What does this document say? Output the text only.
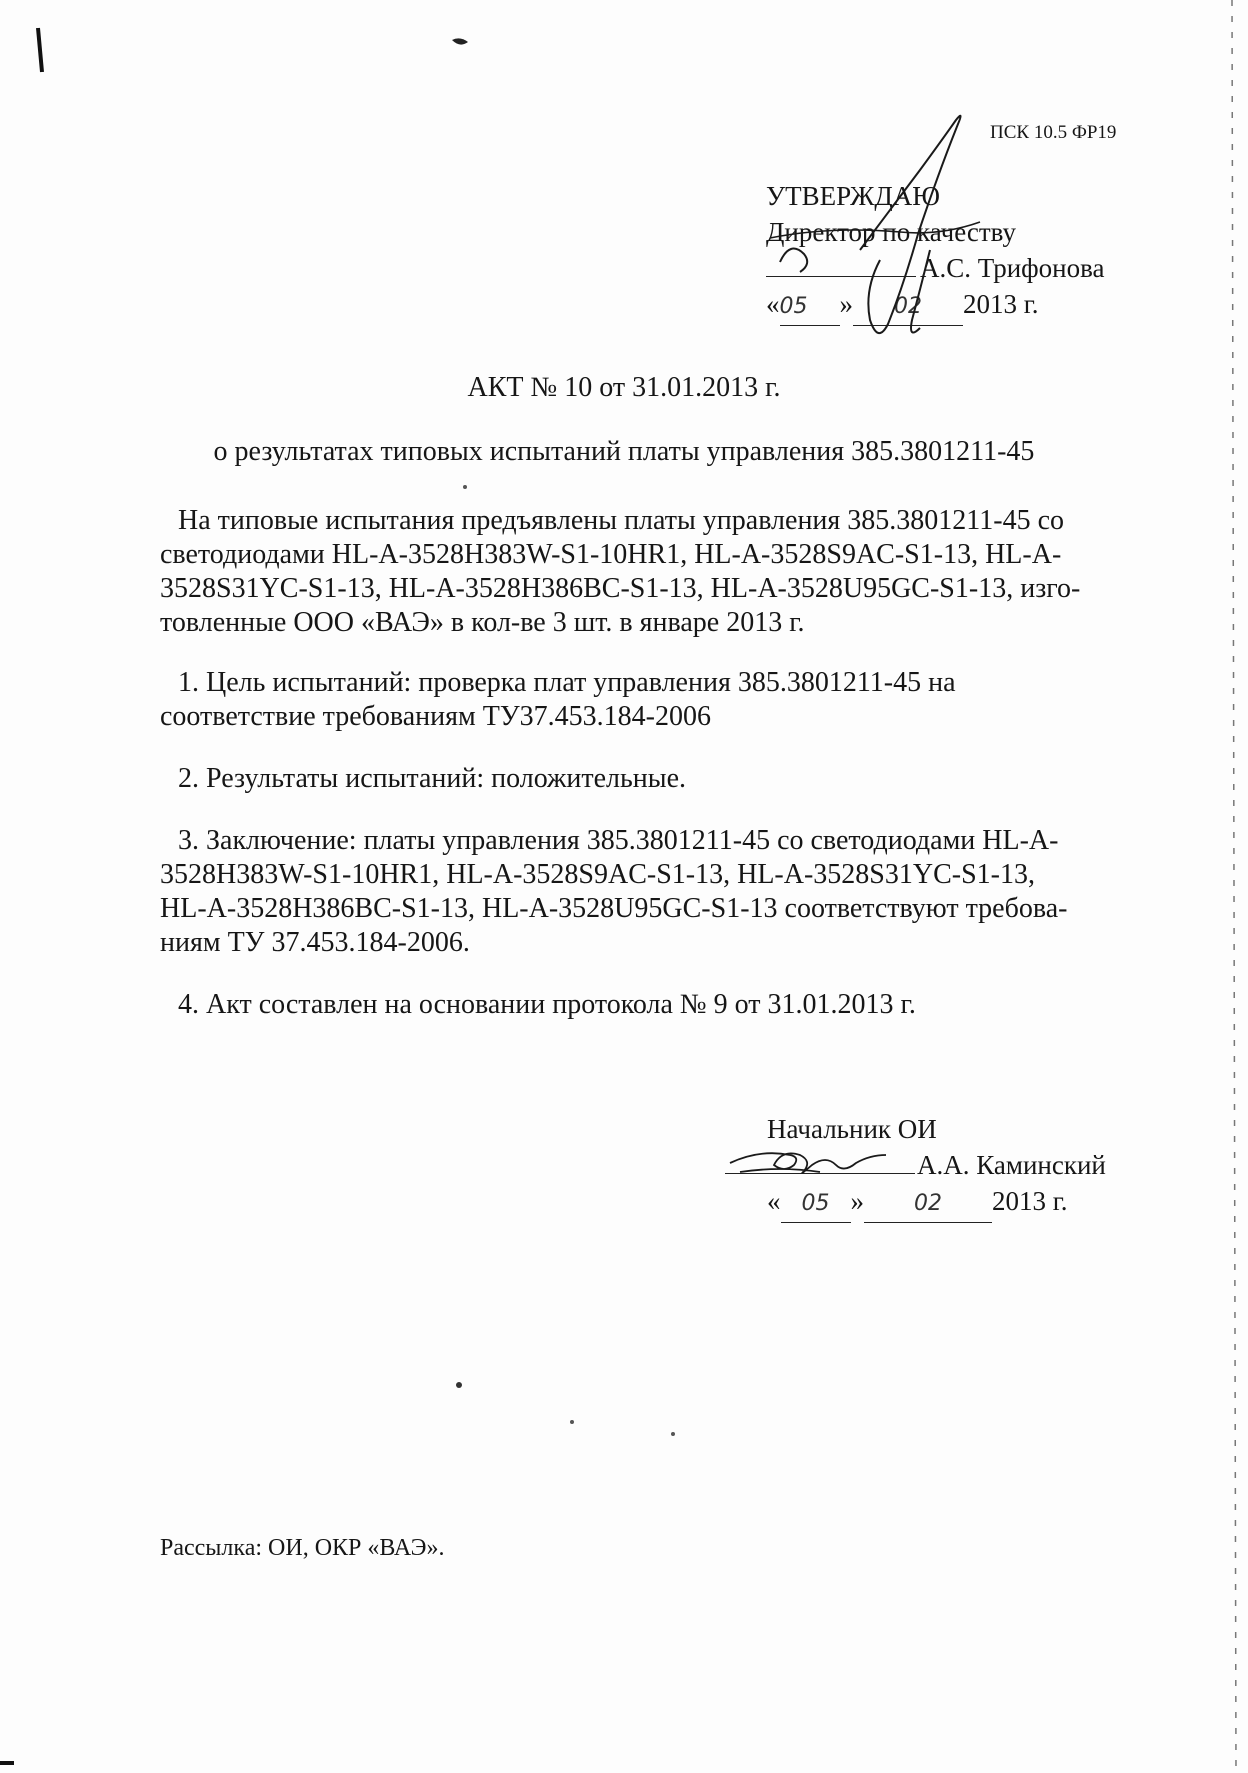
ПСК 10.5 ФР19
УТВЕРЖДАЮ
Директор по качеству
А.С. Трифонова
«05 » 02 2013 г.
АКТ № 10 от 31.01.2013 г.
о результатах типовых испытаний платы управления 385.3801211-45
На типовые испытания предъявлены платы управления 385.3801211-45 со
светодиодами HL-A-3528H383W-S1-10HR1, HL-A-3528S9AC-S1-13, HL-A-
3528S31YC-S1-13, HL-A-3528H386BC-S1-13, HL-A-3528U95GC-S1-13, изго-
товленные ООО «ВАЭ» в кол-ве 3 шт. в январе 2013 г.
1. Цель испытаний: проверка плат управления 385.3801211-45 на
соответствие требованиям ТУ37.453.184-2006
2. Результаты испытаний: положительные.
3. Заключение: платы управления 385.3801211-45 со светодиодами HL-A-
3528H383W-S1-10HR1, HL-A-3528S9AC-S1-13, HL-A-3528S31YC-S1-13,
HL-A-3528H386BC-S1-13, HL-A-3528U95GC-S1-13 соответствуют требова-
ниям ТУ 37.453.184-2006.
4. Акт составлен на основании протокола № 9 от 31.01.2013 г.
Начальник ОИ
А.А. Каминский
« 05 » 02 2013 г.
Рассылка: ОИ, ОКР «ВАЭ».
